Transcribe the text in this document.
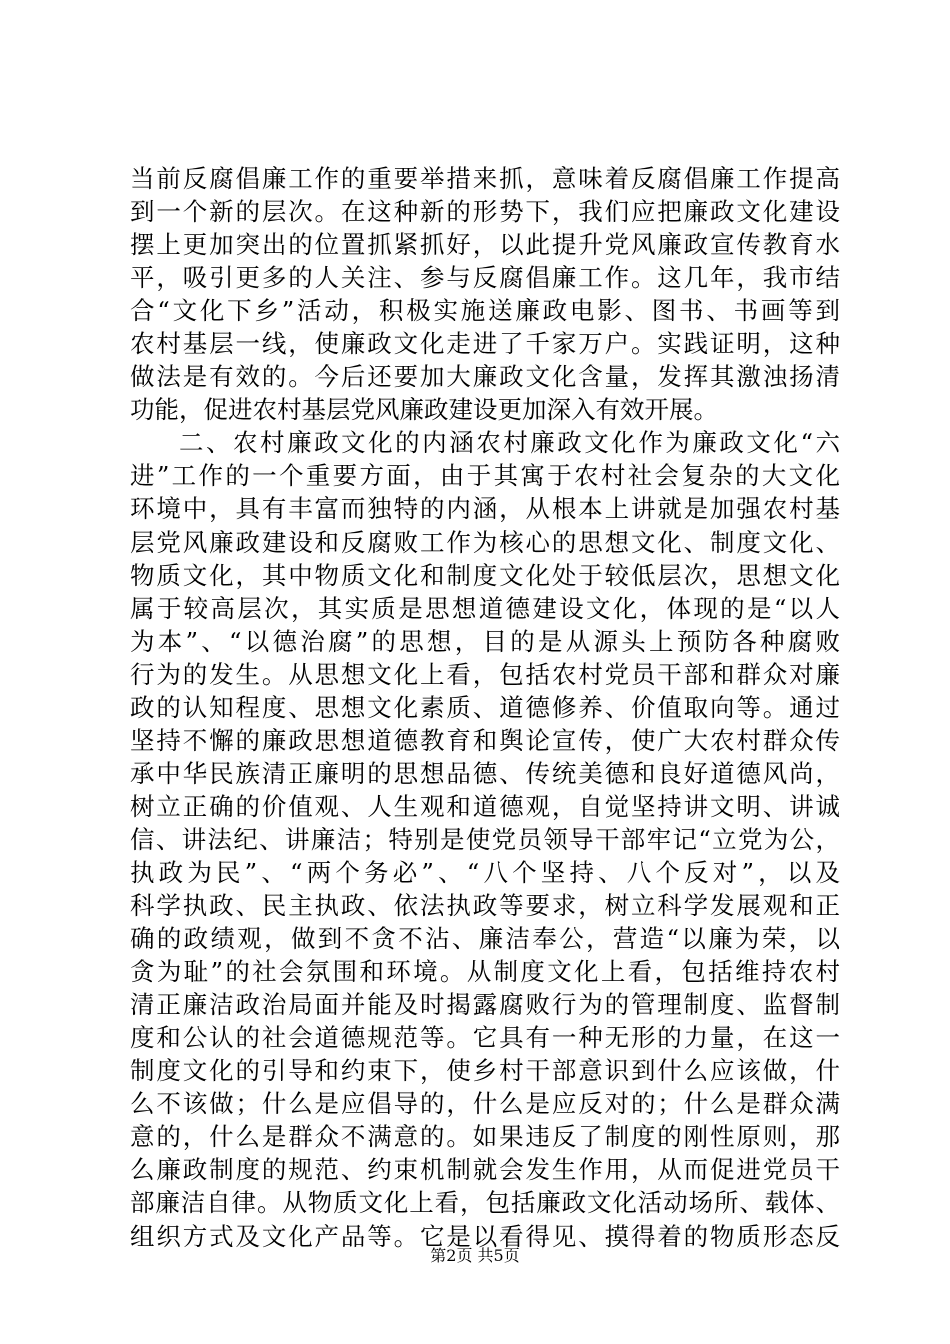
当前反腐倡廉工作的重要举措来抓，意味着反腐倡廉工作提高
到一个新的层次。在这种新的形势下，我们应把廉政文化建设
摆上更加突出的位置抓紧抓好，以此提升党风廉政宣传教育水
平，吸引更多的人关注、参与反腐倡廉工作。这几年，我市结
合“文化下乡”活动，积极实施送廉政电影、图书、书画等到
农村基层一线，使廉政文化走进了千家万户。实践证明，这种
做法是有效的。今后还要加大廉政文化含量，发挥其激浊扬清
功能，促进农村基层党风廉政建设更加深入有效开展。
二、农村廉政文化的内涵农村廉政文化作为廉政文化“六
进”工作的一个重要方面，由于其寓于农村社会复杂的大文化
环境中，具有丰富而独特的内涵，从根本上讲就是加强农村基
层党风廉政建设和反腐败工作为核心的思想文化、制度文化、
物质文化，其中物质文化和制度文化处于较低层次，思想文化
属于较高层次，其实质是思想道德建设文化，体现的是“以人
为本”、“以德治腐”的思想，目的是从源头上预防各种腐败
行为的发生。从思想文化上看，包括农村党员干部和群众对廉
政的认知程度、思想文化素质、道德修养、价值取向等。通过
坚持不懈的廉政思想道德教育和舆论宣传，使广大农村群众传
承中华民族清正廉明的思想品德、传统美德和良好道德风尚，
树立正确的价值观、人生观和道德观，自觉坚持讲文明、讲诚
信、讲法纪、讲廉洁；特别是使党员领导干部牢记“立党为公，
执政为民”、“两个务必”、“八个坚持、八个反对”，以及
科学执政、民主执政、依法执政等要求，树立科学发展观和正
确的政绩观，做到不贪不沾、廉洁奉公，营造“以廉为荣，以
贪为耻”的社会氛围和环境。从制度文化上看，包括维持农村
清正廉洁政治局面并能及时揭露腐败行为的管理制度、监督制
度和公认的社会道德规范等。它具有一种无形的力量，在这一
制度文化的引导和约束下，使乡村干部意识到什么应该做，什
么不该做；什么是应倡导的，什么是应反对的；什么是群众满
意的，什么是群众不满意的。如果违反了制度的刚性原则，那
么廉政制度的规范、约束机制就会发生作用，从而促进党员干
部廉洁自律。从物质文化上看，包括廉政文化活动场所、载体、
组织方式及文化产品等。它是以看得见、摸得着的物质形态反
第2页 共5页
